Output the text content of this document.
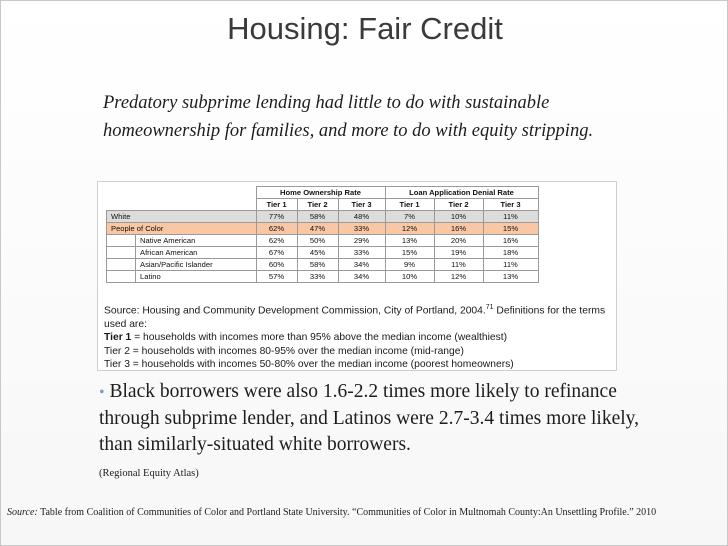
Housing: Fair Credit
Predatory subprime lending had little to do with sustainable homeownership for families, and more to do with equity stripping.
		Home Ownership Rate			Loan Application Denial Rate		
		Tier 1	Tier 2	Tier 3	Tier 1	Tier 2	Tier 3
White		77%	58%	48%	7%	10%	11%
People of Color		62%	47%	33%	12%	16%	15%
	Native American	62%	50%	29%	13%	20%	16%
	African American	67%	45%	33%	15%	19%	18%
	Asian/Pacific Islander	60%	58%	34%	9%	11%	11%
	Latino	57%	33%	34%	10%	12%	13%
Source: Housing and Community Development Commission, City of Portland, 2004.71 Definitions for the terms used are:
Tier 1 = households with incomes more than 95% above the median income (wealthiest)
Tier 2 = households with incomes 80-95% over the median income (mid-range)
Tier 3 = households with incomes 50-80% over the median income (poorest homeowners)
• Black borrowers were also 1.6-2.2 times more likely to refinance through subprime lender, and Latinos were 2.7-3.4 times more likely, than similarly-situated white borrowers.
(Regional Equity Atlas)
Source: Table from Coalition of Communities of Color and Portland State University. “Communities of Color in Multnomah County:An Unsettling Profile.” 2010
